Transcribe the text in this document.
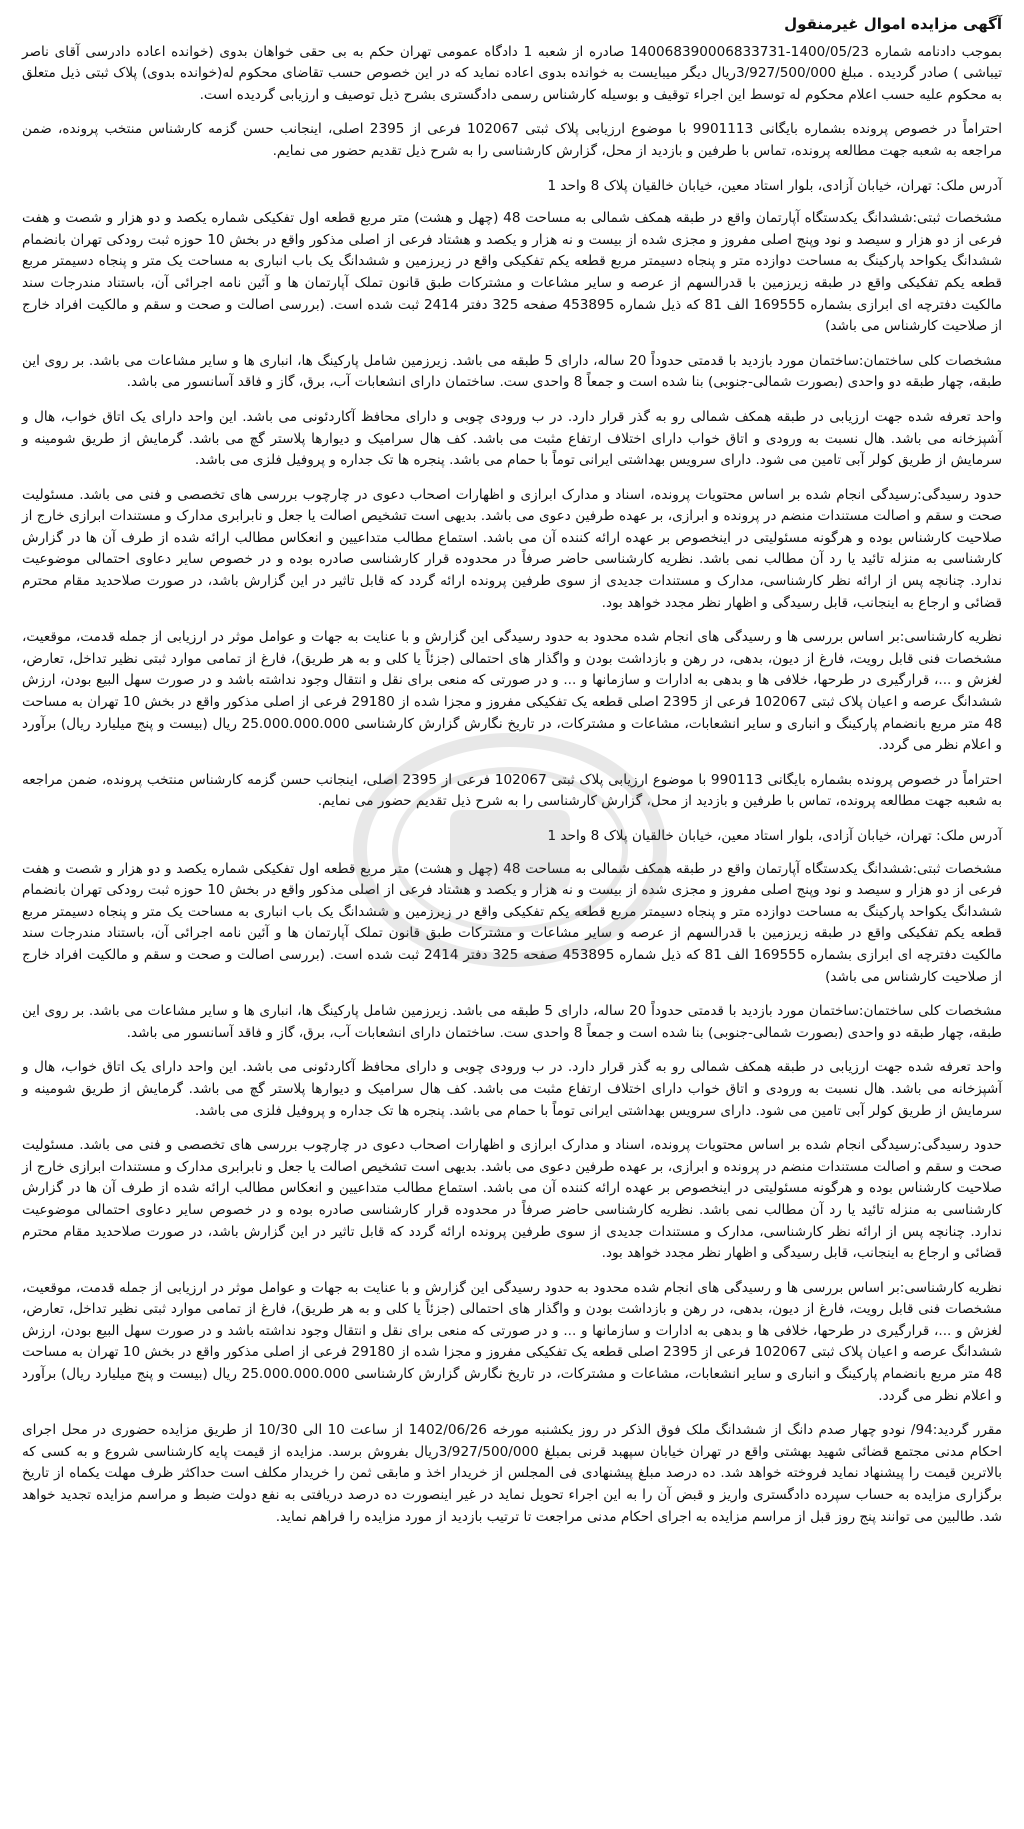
آگهی مزایده اموال غیرمنقول

بموجب دادنامه شماره 1400/05/23-140068390006833731 صادره از شعبه 1 دادگاه عمومی تهران حکم به بی حقی خواهان بدوی (خوانده اعاده دادرسی آقای ناصر تیباشی ) صادر گردیده . مبلغ 3/927/500/000ریال دیگر میبایست به خوانده بدوی اعاده نماید که در این خصوص حسب تقاضای محکوم له(خوانده بدوی) پلاک ثبتی ذیل متعلق به محکوم علیه حسب اعلام محکوم له توسط این اجراء توقیف و بوسیله کارشناس رسمی دادگستری بشرح ذیل توصیف و ارزیابی گردیده است.

احتراماً در خصوص پرونده بشماره بایگانی 9901113 با موضوع ارزیابی پلاک ثبتی 102067 فرعی از 2395 اصلی، اینجانب حسن گزمه کارشناس منتخب پرونده، ضمن مراجعه به شعبه جهت مطالعه پرونده، تماس با طرفین و بازدید از محل، گزارش کارشناسی را به شرح ذیل تقدیم حضور می نمایم.

آدرس ملک: تهران، خیابان آزادی، بلوار استاد معین، خیابان خالقیان پلاک 8 واحد 1

مشخصات ثبتی:ششدانگ یکدستگاه آپارتمان واقع در طبقه همکف شمالی به مساحت 48 (چهل و هشت) متر مربع قطعه اول تفکیکی شماره یکصد و دو هزار و شصت و هفت فرعی از دو هزار و سیصد و نود وپنج اصلی مفروز و مجزی شده از بیست و نه هزار و یکصد و هشتاد فرعی از اصلی مذکور واقع در بخش 10 حوزه ثبت رودکی تهران بانضمام ششدانگ یکواحد پارکینگ به مساحت دوازده متر و پنجاه دسیمتر مربع قطعه یکم تفکیکی واقع در زیرزمین و ششدانگ یک باب انباری به مساحت یک متر و پنجاه دسیمتر مربع قطعه یکم تفکیکی واقع در طبقه زیرزمین با قدرالسهم از عرصه و سایر مشاعات و مشترکات طبق قانون تملک آپارتمان ها و آئین نامه اجرائی آن، باستناد مندرجات سند مالکیت دفترچه ای ابرازی بشماره 169555 الف 81 که ذیل شماره 453895 صفحه 325 دفتر 2414 ثبت شده است. (بررسی اصالت و صحت و سقم و مالکیت افراد خارج از صلاحیت کارشناس می باشد)

مشخصات کلی ساختمان:ساختمان مورد بازدید با قدمتی حدوداً 20 ساله، دارای 5 طبقه می باشد. زیرزمین شامل پارکینگ ها، انباری ها و سایر مشاعات می باشد. بر روی این طبقه، چهار طبقه دو واحدی (بصورت شمالی-جنوبی) بنا شده است و جمعاً 8 واحدی ست. ساختمان دارای انشعابات آب، برق، گاز و فاقد آسانسور می باشد.

واحد تعرفه شده جهت ارزیابی در طبقه همکف شمالی رو به گذر قرار دارد. در ب ورودی چوبی و دارای محافظ آکاردئونی می باشد. این واحد دارای یک اتاق خواب، هال و آشپزخانه می باشد. هال نسبت به ورودی و اتاق خواب دارای اختلاف ارتفاع مثبت می باشد. کف هال سرامیک و دیوارها پلاستر گچ می باشد. گرمایش از طریق شومینه و سرمایش از طریق کولر آبی تامین می شود. دارای سرویس بهداشتی ایرانی توماً با حمام می باشد. پنجره ها تک جداره و پروفیل فلزی می باشد.

حدود رسیدگی:رسیدگی انجام شده بر اساس محتویات پرونده، اسناد و مدارک ابرازی و اظهارات اصحاب دعوی در چارچوب بررسی های تخصصی و فنی می باشد. مسئولیت صحت و سقم و اصالت مستندات منضم در پرونده و ابرازی، بر عهده طرفین دعوی می باشد. بدیهی است تشخیص اصالت یا جعل و نابرابری مدارک و مستندات ابرازی خارج از صلاحیت کارشناس بوده و هرگونه مسئولیتی در اینخصوص بر عهده ارائه کننده آن می باشد. استماع مطالب متداعیین و انعکاس مطالب ارائه شده از طرف آن ها در گزارش کارشناسی به منزله تائید یا رد آن مطالب نمی باشد. نظریه کارشناسی حاضر صرفاً در محدوده قرار کارشناسی صادره بوده و در خصوص سایر دعاوی احتمالی موضوعیت ندارد. چنانچه پس از ارائه نظر کارشناسی، مدارک و مستندات جدیدی از سوی طرفین پرونده ارائه گردد که قابل تاثیر در این گزارش باشد، در صورت صلاحدید مقام محترم قضائی و ارجاع به اینجانب، قابل رسیدگی و اظهار نظر مجدد خواهد بود.

نظریه کارشناسی:بر اساس بررسی ها و رسیدگی های انجام شده محدود به حدود رسیدگی این گزارش و با عنایت به جهات و عوامل موثر در ارزیابی از جمله قدمت، موقعیت، مشخصات فنی قابل رویت، فارغ از دیون، بدهی، در رهن و بازداشت بودن و واگذار های احتمالی (جزئاً یا کلی و به هر طریق)، فارغ از تمامی موارد ثبتی نظیر تداخل، تعارض، لغزش و ...، قرارگیری در طرحها، خلافی ها و بدهی به ادارات و سازمانها و ... و در صورتی که منعی برای نقل و انتقال وجود نداشته باشد و در صورت سهل البیع بودن، ارزش ششدانگ عرصه و اعیان پلاک ثبتی 102067 فرعی از 2395 اصلی قطعه یک تفکیکی مفروز و مجزا شده از 29180 فرعی از اصلی مذکور واقع در بخش 10 تهران به مساحت 48 متر مربع بانضمام پارکینگ و انباری و سایر انشعابات، مشاعات و مشترکات، در تاریخ نگارش گزارش کارشناسی 25.000.000.000 ریال (بیست و پنج میلیارد ریال) برآورد و اعلام نظر می گردد.

احتراماً در خصوص پرونده بشماره بایگانی 990113 با موضوع ارزیابی پلاک ثبتی 102067 فرعی از 2395 اصلی، اینجانب حسن گزمه کارشناس منتخب پرونده، ضمن مراجعه به شعبه جهت مطالعه پرونده، تماس با طرفین و بازدید از محل، گزارش کارشناسی را به شرح ذیل تقدیم حضور می نمایم.

آدرس ملک: تهران، خیابان آزادی، بلوار استاد معین، خیابان خالقیان پلاک 8 واحد 1

مشخصات ثبتی:ششدانگ یکدستگاه آپارتمان واقع در طبقه همکف شمالی به مساحت 48 (چهل و هشت) متر مربع قطعه اول تفکیکی شماره یکصد و دو هزار و شصت و هفت فرعی از دو هزار و سیصد و نود وپنج اصلی مفروز و مجزی شده از بیست و نه هزار و یکصد و هشتاد فرعی از اصلی مذکور واقع در بخش 10 حوزه ثبت رودکی تهران بانضمام ششدانگ یکواحد پارکینگ به مساحت دوازده متر و پنجاه دسیمتر مربع قطعه یکم تفکیکی واقع در زیرزمین و ششدانگ یک باب انباری به مساحت یک متر و پنجاه دسیمتر مربع قطعه یکم تفکیکی واقع در طبقه زیرزمین با قدرالسهم از عرصه و سایر مشاعات و مشترکات طبق قانون تملک آپارتمان ها و آئین نامه اجرائی آن، باستناد مندرجات سند مالکیت دفترچه ای ابرازی بشماره 169555 الف 81 که ذیل شماره 453895 صفحه 325 دفتر 2414 ثبت شده است. (بررسی اصالت و صحت و سقم و مالکیت افراد خارج از صلاحیت کارشناس می باشد)

مشخصات کلی ساختمان:ساختمان مورد بازدید با قدمتی حدوداً 20 ساله، دارای 5 طبقه می باشد. زیرزمین شامل پارکینگ ها، انباری ها و سایر مشاعات می باشد. بر روی این طبقه، چهار طبقه دو واحدی (بصورت شمالی-جنوبی) بنا شده است و جمعاً 8 واحدی ست. ساختمان دارای انشعابات آب، برق، گاز و فاقد آسانسور می باشد.

واحد تعرفه شده جهت ارزیابی در طبقه همکف شمالی رو به گذر قرار دارد. در ب ورودی چوبی و دارای محافظ آکاردئونی می باشد. این واحد دارای یک اتاق خواب، هال و آشپزخانه می باشد. هال نسبت به ورودی و اتاق خواب دارای اختلاف ارتفاع مثبت می باشد. کف هال سرامیک و دیوارها پلاستر گچ می باشد. گرمایش از طریق شومینه و سرمایش از طریق کولر آبی تامین می شود. دارای سرویس بهداشتی ایرانی توماً با حمام می باشد. پنجره ها تک جداره و پروفیل فلزی می باشد.

حدود رسیدگی:رسیدگی انجام شده بر اساس محتویات پرونده، اسناد و مدارک ابرازی و اظهارات اصحاب دعوی در چارچوب بررسی های تخصصی و فنی می باشد. مسئولیت صحت و سقم و اصالت مستندات منضم در پرونده و ابرازی، بر عهده طرفین دعوی می باشد. بدیهی است تشخیص اصالت یا جعل و نابرابری مدارک و مستندات ابرازی خارج از صلاحیت کارشناس بوده و هرگونه مسئولیتی در اینخصوص بر عهده ارائه کننده آن می باشد. استماع مطالب متداعیین و انعکاس مطالب ارائه شده از طرف آن ها در گزارش کارشناسی به منزله تائید یا رد آن مطالب نمی باشد. نظریه کارشناسی حاضر صرفاً در محدوده قرار کارشناسی صادره بوده و در خصوص سایر دعاوی احتمالی موضوعیت ندارد. چنانچه پس از ارائه نظر کارشناسی، مدارک و مستندات جدیدی از سوی طرفین پرونده ارائه گردد که قابل تاثیر در این گزارش باشد، در صورت صلاحدید مقام محترم قضائی و ارجاع به اینجانب، قابل رسیدگی و اظهار نظر مجدد خواهد بود.

نظریه کارشناسی:بر اساس بررسی ها و رسیدگی های انجام شده محدود به حدود رسیدگی این گزارش و با عنایت به جهات و عوامل موثر در ارزیابی از جمله قدمت، موقعیت، مشخصات فنی قابل رویت، فارغ از دیون، بدهی، در رهن و بازداشت بودن و واگذار های احتمالی (جزئاً یا کلی و به هر طریق)، فارغ از تمامی موارد ثبتی نظیر تداخل، تعارض، لغزش و ...، قرارگیری در طرحها، خلافی ها و بدهی به ادارات و سازمانها و ... و در صورتی که منعی برای نقل و انتقال وجود نداشته باشد و در صورت سهل البیع بودن، ارزش ششدانگ عرصه و اعیان پلاک ثبتی 102067 فرعی از 2395 اصلی قطعه یک تفکیکی مفروز و مجزا شده از 29180 فرعی از اصلی مذکور واقع در بخش 10 تهران به مساحت 48 متر مربع بانضمام پارکینگ و انباری و سایر انشعابات، مشاعات و مشترکات، در تاریخ نگارش گزارش کارشناسی 25.000.000.000 ریال (بیست و پنج میلیارد ریال) برآورد و اعلام نظر می گردد.

مقرر گردید:94/ نودو چهار صدم دانگ از ششدانگ ملک فوق الذکر در روز یکشنبه مورخه 1402/06/26 از ساعت 10 الی 10/30 از طریق مزایده حضوری در محل اجرای احکام مدنی مجتمع قضائی شهید بهشتی واقع در تهران خیابان سپهبد قرنی بمبلغ 3/927/500/000ریال بفروش برسد. مزایده از قیمت پایه کارشناسی شروع و به کسی که بالاترین قیمت را پیشنهاد نماید فروخته خواهد شد. ده درصد مبلغ پیشنهادی فی المجلس از خریدار اخذ و مابقی ثمن را خریدار مکلف است حداکثر ظرف مهلت یکماه از تاریخ برگزاری مزایده به حساب سپرده دادگستری واریز و قبض آن را به این اجراء تحویل نماید در غیر اینصورت ده درصد دریافتی به نفع دولت ضبط و مراسم مزایده تجدید خواهد شد. طالبین می توانند پنج روز قبل از مراسم مزایده به اجرای احکام مدنی مراجعت تا ترتیب بازدید از مورد مزایده را فراهم نماید.
